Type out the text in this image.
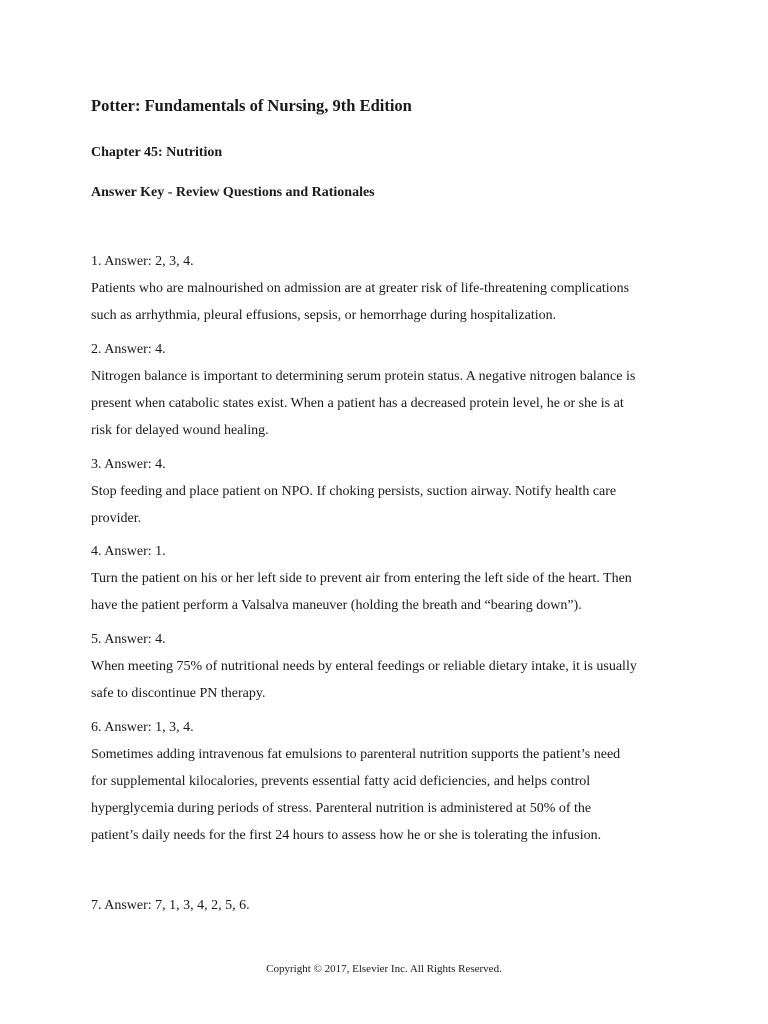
Potter: Fundamentals of Nursing, 9th Edition
Chapter 45: Nutrition
Answer Key - Review Questions and Rationales
1. Answer: 2, 3, 4.
Patients who are malnourished on admission are at greater risk of life-threatening complications
such as arrhythmia, pleural effusions, sepsis, or hemorrhage during hospitalization.
2. Answer: 4.
Nitrogen balance is important to determining serum protein status. A negative nitrogen balance is
present when catabolic states exist. When a patient has a decreased protein level, he or she is at
risk for delayed wound healing.
3. Answer: 4.
Stop feeding and place patient on NPO. If choking persists, suction airway. Notify health care
provider.
4. Answer: 1.
Turn the patient on his or her left side to prevent air from entering the left side of the heart. Then
have the patient perform a Valsalva maneuver (holding the breath and “bearing down”).
5. Answer: 4.
When meeting 75% of nutritional needs by enteral feedings or reliable dietary intake, it is usually
safe to discontinue PN therapy.
6. Answer: 1, 3, 4.
Sometimes adding intravenous fat emulsions to parenteral nutrition supports the patient’s need
for supplemental kilocalories, prevents essential fatty acid deficiencies, and helps control
hyperglycemia during periods of stress. Parenteral nutrition is administered at 50% of the
patient’s daily needs for the first 24 hours to assess how he or she is tolerating the infusion.
7. Answer: 7, 1, 3, 4, 2, 5, 6.
Copyright © 2017, Elsevier Inc. All Rights Reserved.
